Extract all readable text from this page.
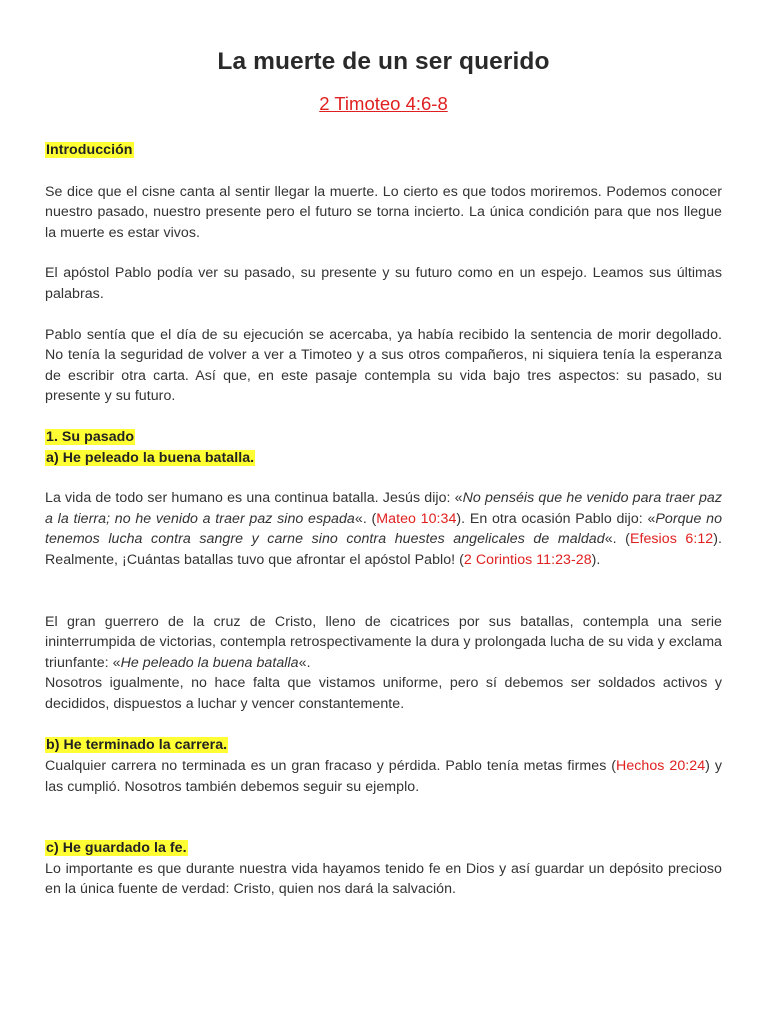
La muerte de un ser querido

2 Timoteo 4:6-8

Introducción

Se dice que el cisne canta al sentir llegar la muerte. Lo cierto es que todos moriremos. Podemos conocer nuestro pasado, nuestro presente pero el futuro se torna incierto. La única condición para que nos llegue la muerte es estar vivos.

El apóstol Pablo podía ver su pasado, su presente y su futuro como en un espejo. Leamos sus últimas palabras.

Pablo sentía que el día de su ejecución se acercaba, ya había recibido la sentencia de morir degollado. No tenía la seguridad de volver a ver a Timoteo y a sus otros compañeros, ni siquiera tenía la esperanza de escribir otra carta. Así que, en este pasaje contempla su vida bajo tres aspectos: su pasado, su presente y su futuro.

1. Su pasado
a) He peleado la buena batalla.

La vida de todo ser humano es una continua batalla. Jesús dijo: «No penséis que he venido para traer paz a la tierra; no he venido a traer paz sino espada«. (Mateo 10:34). En otra ocasión Pablo dijo: «Porque no tenemos lucha contra sangre y carne sino contra huestes angelicales de maldad«. (Efesios 6:12). Realmente, ¡Cuántas batallas tuvo que afrontar el apóstol Pablo! (2 Corintios 11:23-28).

El gran guerrero de la cruz de Cristo, lleno de cicatrices por sus batallas, contempla una serie ininterrumpida de victorias, contempla retrospectivamente la dura y prolongada lucha de su vida y exclama triunfante: «He peleado la buena batalla«.
Nosotros igualmente, no hace falta que vistamos uniforme, pero sí debemos ser soldados activos y decididos, dispuestos a luchar y vencer constantemente.

b) He terminado la carrera.
Cualquier carrera no terminada es un gran fracaso y pérdida. Pablo tenía metas firmes (Hechos 20:24) y las cumplió. Nosotros también debemos seguir su ejemplo.

c) He guardado la fe.
Lo importante es que durante nuestra vida hayamos tenido fe en Dios y así guardar un depósito precioso en la única fuente de verdad: Cristo, quien nos dará la salvación.
